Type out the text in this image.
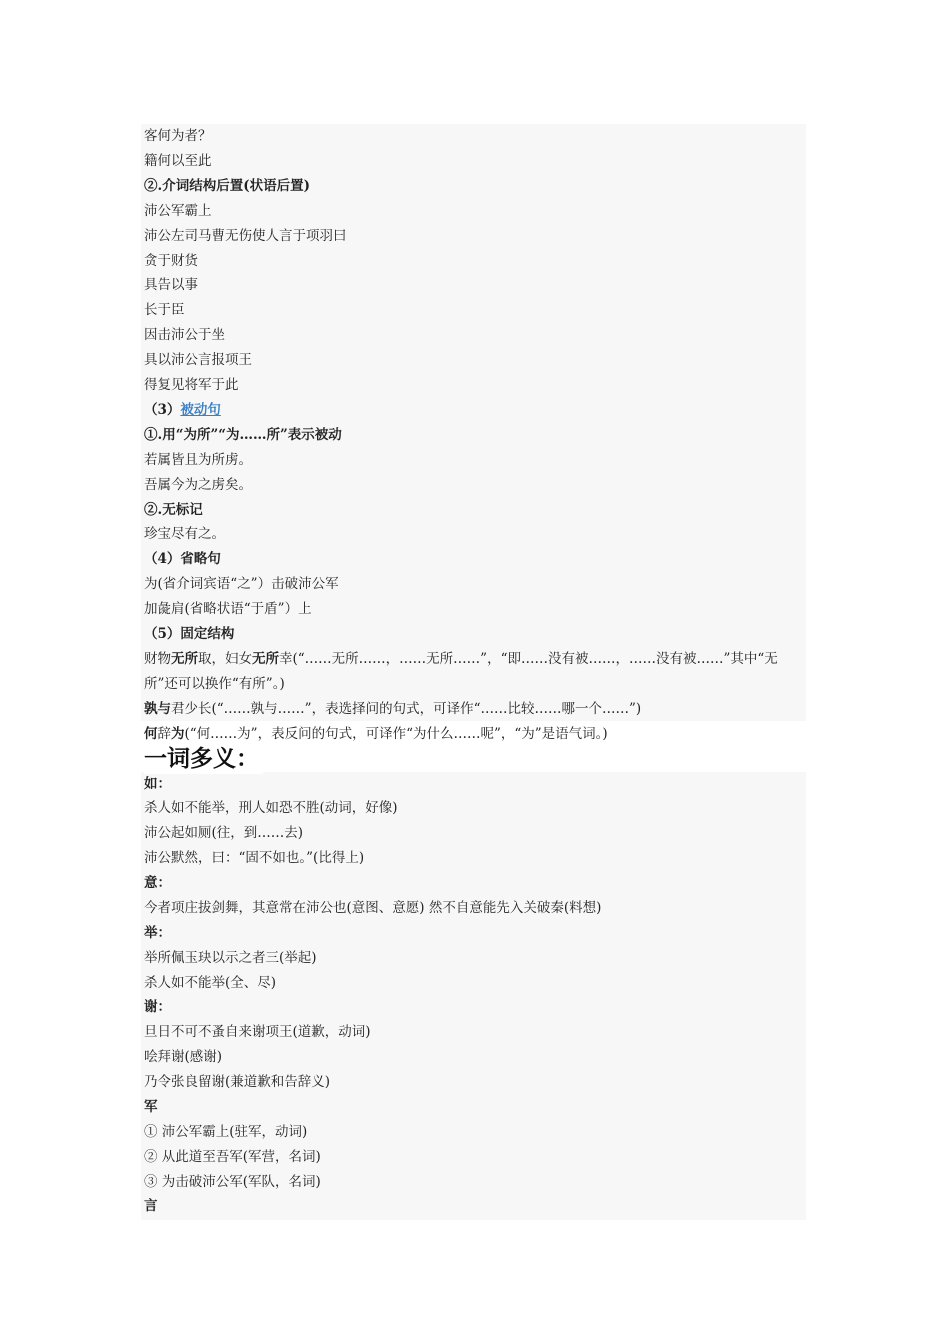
客何为者？
籍何以至此
②.介词结构后置(状语后置)
沛公军霸上
沛公左司马曹无伤使人言于项羽曰
贪于财货
具告以事
长于臣
因击沛公于坐
具以沛公言报项王
得复见将军于此
（3）被动句
①.用“为所”“为……所”表示被动
若属皆且为所虏。
吾属今为之虏矣。
②.无标记
珍宝尽有之。
（4）省略句
为(省介词宾语“之”）击破沛公军
加彘肩(省略状语“于盾”）上
（5）固定结构
财物无所取，妇女无所幸(“……无所……，……无所……”，“即……没有被……，……没有被……”其中“无所”还可以换作“有所”。)
孰与君少长(“……孰与……”，表选择问的句式，可译作“……比较……哪一个……”)
何辞为(“何……为”，表反问的句式，可译作“为什么……呢”，“为”是语气词。)
一词多义：
如：
杀人如不能举，刑人如恐不胜(动词，好像)
沛公起如厕(往，到……去)
沛公默然，曰：“固不如也。”(比得上)
意：
今者项庄拔剑舞，其意常在沛公也(意图、意愿) 然不自意能先入关破秦(料想)
举：
举所佩玉玦以示之者三(举起)
杀人如不能举(全、尽)
谢：
旦日不可不蚤自来谢项王(道歉，动词)
哙拜谢(感谢)
乃令张良留谢(兼道歉和告辞义)
军
① 沛公军霸上(驻军，动词)
② 从此道至吾军(军营，名词)
③ 为击破沛公军(军队，名词)
言
